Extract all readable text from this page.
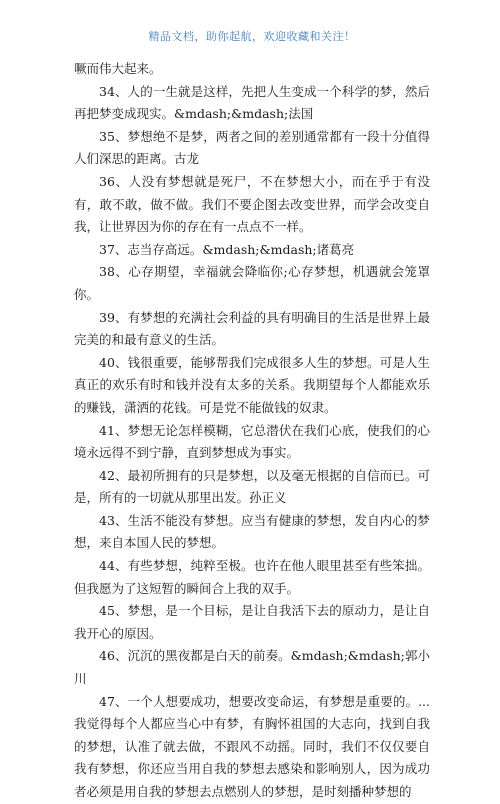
精品文档，助你起航，欢迎收藏和关注！

噘而伟大起来。

34、人的一生就是这样，先把人生变成一个科学的梦，然后再把梦变成现实。&mdash;&mdash;法国

35、梦想绝不是梦，两者之间的差别通常都有一段十分值得人们深思的距离。古龙

36、人没有梦想就是死尸，不在梦想大小，而在乎于有没有，敢不敢，做不做。我们不要企图去改变世界，而学会改变自我，让世界因为你的存在有一点点不一样。

37、志当存高远。&mdash;&mdash;诸葛亮

38、心存期望，幸福就会降临你;心存梦想，机遇就会笼罩你。

39、有梦想的充满社会利益的具有明确目的生活是世界上最完美的和最有意义的生活。

40、钱很重要，能够帮我们完成很多人生的梦想。可是人生真正的欢乐有时和钱并没有太多的关系。我期望每个人都能欢乐的赚钱，潇洒的花钱。可是党不能做钱的奴隶。

41、梦想无论怎样模糊，它总潜伏在我们心底，使我们的心境永远得不到宁静，直到梦想成为事实。

42、最初所拥有的只是梦想，以及毫无根据的自信而已。可是，所有的一切就从那里出发。孙正义

43、生活不能没有梦想。应当有健康的梦想，发自内心的梦想，来自本国人民的梦想。

44、有些梦想，纯粹至极。也许在他人眼里甚至有些笨拙。但我愿为了这短暂的瞬间合上我的双手。

45、梦想，是一个目标，是让自我活下去的原动力，是让自我开心的原因。

46、沉沉的黑夜都是白天的前奏。&mdash;&mdash;郭小川

47、一个人想要成功，想要改变命运，有梦想是重要的。...我觉得每个人都应当心中有梦，有胸怀祖国的大志向，找到自我的梦想，认准了就去做，不跟风不动摇。同时，我们不仅仅要自我有梦想，你还应当用自我的梦想去感染和影响别人，因为成功者必须是用自我的梦想去点燃别人的梦想，是时刻播种梦想的
